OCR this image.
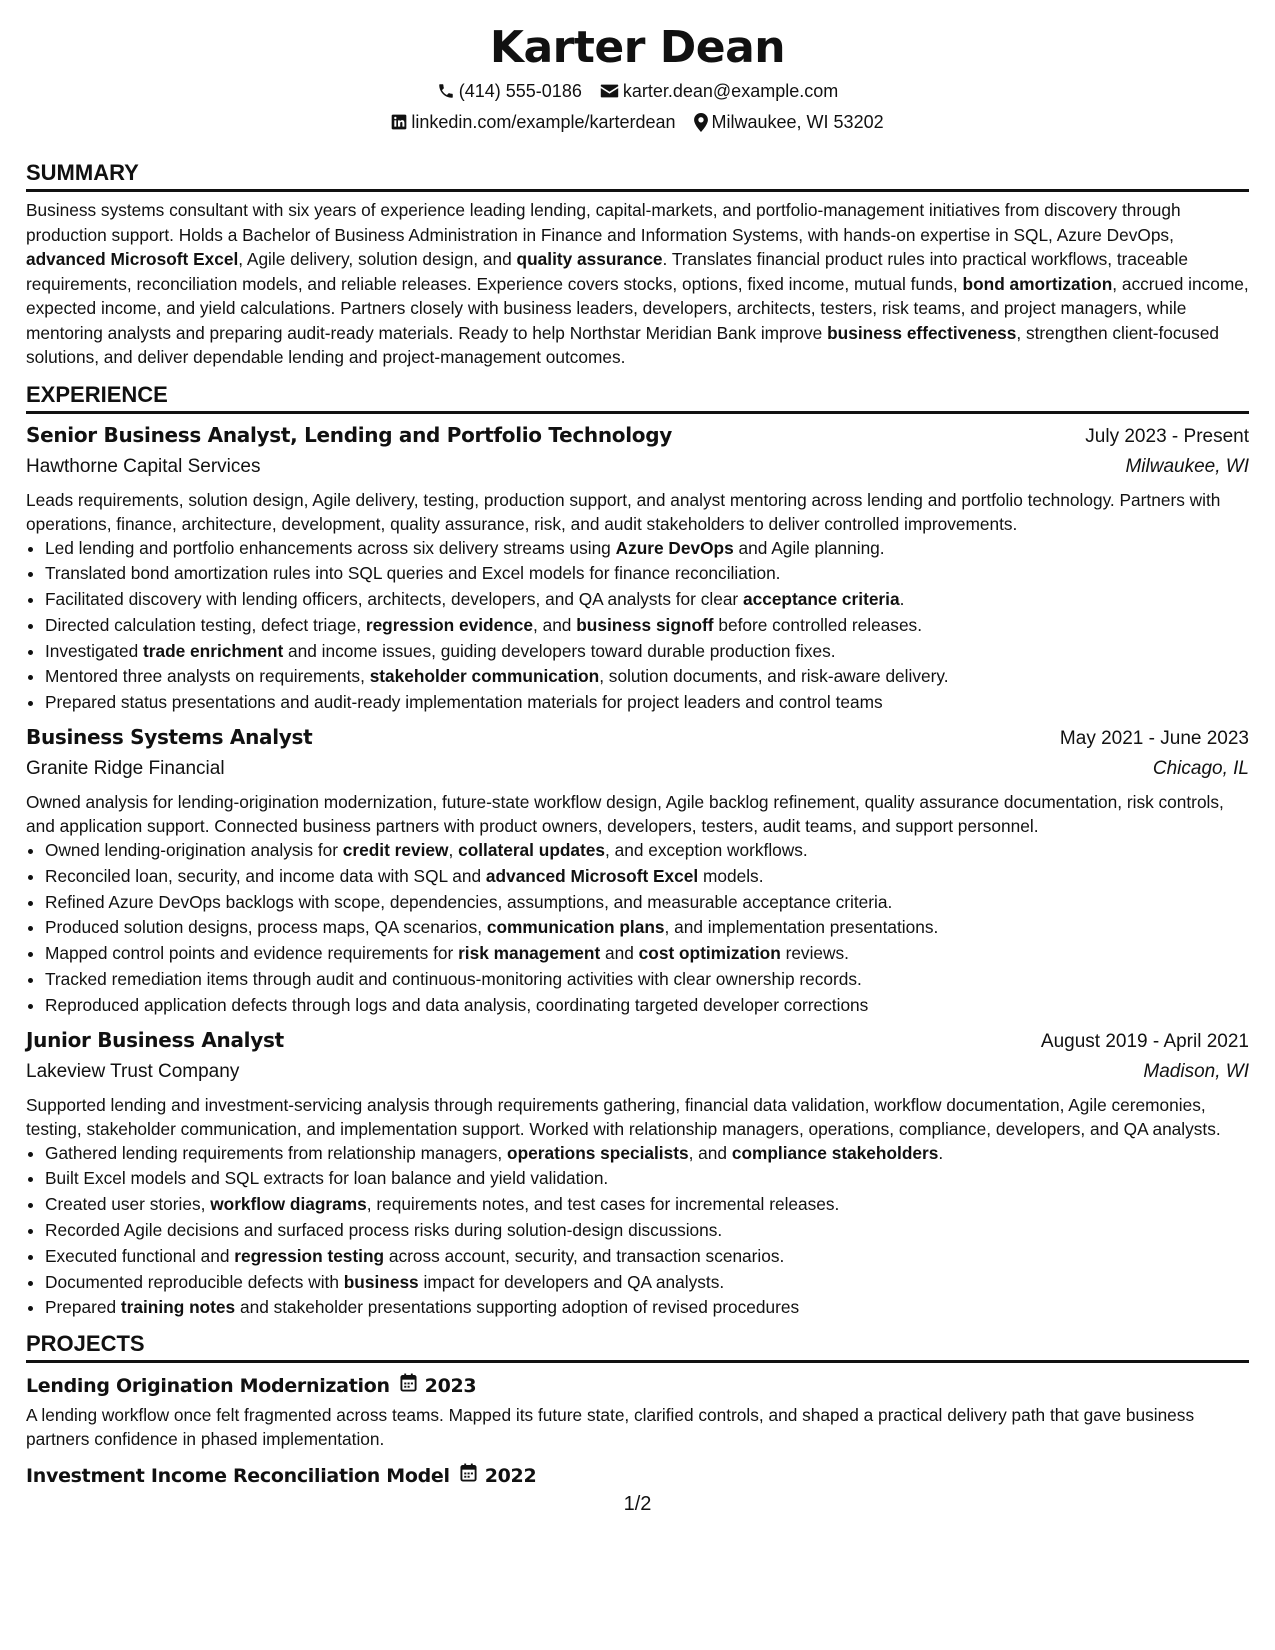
Karter Dean
(414) 555-0186 karter.dean@example.com
linkedin.com/example/karterdean Milwaukee, WI 53202
SUMMARY

Business systems consultant with six years of experience leading lending, capital-markets, and portfolio-management initiatives from discovery through production support. Holds a Bachelor of Business Administration in Finance and Information Systems, with hands-on expertise in SQL, Azure DevOps, advanced Microsoft Excel, Agile delivery, solution design, and quality assurance. Translates financial product rules into practical workflows, traceable requirements, reconciliation models, and reliable releases. Experience covers stocks, options, fixed income, mutual funds, bond amortization, accrued income, expected income, and yield calculations. Partners closely with business leaders, developers, architects, testers, risk teams, and project managers, while mentoring analysts and preparing audit-ready materials. Ready to help Northstar Meridian Bank improve business effectiveness, strengthen client-focused solutions, and deliver dependable lending and project-management outcomes.

EXPERIENCE
Senior Business Analyst, Lending and Portfolio Technology	July 2023 - Present
Hawthorne Capital Services	Milwaukee, WI

Leads requirements, solution design, Agile delivery, testing, production support, and analyst mentoring across lending and portfolio technology. Partners with operations, finance, architecture, development, quality assurance, risk, and audit stakeholders to deliver controlled improvements.

• Led lending and portfolio enhancements across six delivery streams using Azure DevOps and Agile planning.
• Translated bond amortization rules into SQL queries and Excel models for finance reconciliation.
• Facilitated discovery with lending officers, architects, developers, and QA analysts for clear acceptance criteria.
• Directed calculation testing, defect triage, regression evidence, and business signoff before controlled releases.
• Investigated trade enrichment and income issues, guiding developers toward durable production fixes.
• Mentored three analysts on requirements, stakeholder communication, solution documents, and risk-aware delivery.
• Prepared status presentations and audit-ready implementation materials for project leaders and control teams
Business Systems Analyst	May 2021 - June 2023
Granite Ridge Financial	Chicago, IL

Owned analysis for lending-origination modernization, future-state workflow design, Agile backlog refinement, quality assurance documentation, risk controls, and application support. Connected business partners with product owners, developers, testers, audit teams, and support personnel.

• Owned lending-origination analysis for credit review, collateral updates, and exception workflows.
• Reconciled loan, security, and income data with SQL and advanced Microsoft Excel models.
• Refined Azure DevOps backlogs with scope, dependencies, assumptions, and measurable acceptance criteria.
• Produced solution designs, process maps, QA scenarios, communication plans, and implementation presentations.
• Mapped control points and evidence requirements for risk management and cost optimization reviews.
• Tracked remediation items through audit and continuous-monitoring activities with clear ownership records.
• Reproduced application defects through logs and data analysis, coordinating targeted developer corrections
Junior Business Analyst	August 2019 - April 2021
Lakeview Trust Company	Madison, WI

Supported lending and investment-servicing analysis through requirements gathering, financial data validation, workflow documentation, Agile ceremonies, testing, stakeholder communication, and implementation support. Worked with relationship managers, operations, compliance, developers, and QA analysts.

• Gathered lending requirements from relationship managers, operations specialists, and compliance stakeholders.
• Built Excel models and SQL extracts for loan balance and yield validation.
• Created user stories, workflow diagrams, requirements notes, and test cases for incremental releases.
• Recorded Agile decisions and surfaced process risks during solution-design discussions.
• Executed functional and regression testing across account, security, and transaction scenarios.
• Documented reproducible defects with business impact for developers and QA analysts.
• Prepared training notes and stakeholder presentations supporting adoption of revised procedures
PROJECTS
Lending Origination Modernization 2023

A lending workflow once felt fragmented across teams. Mapped its future state, clarified controls, and shaped a practical delivery path that gave business partners confidence in phased implementation.

Investment Income Reconciliation Model 2022
1/2
